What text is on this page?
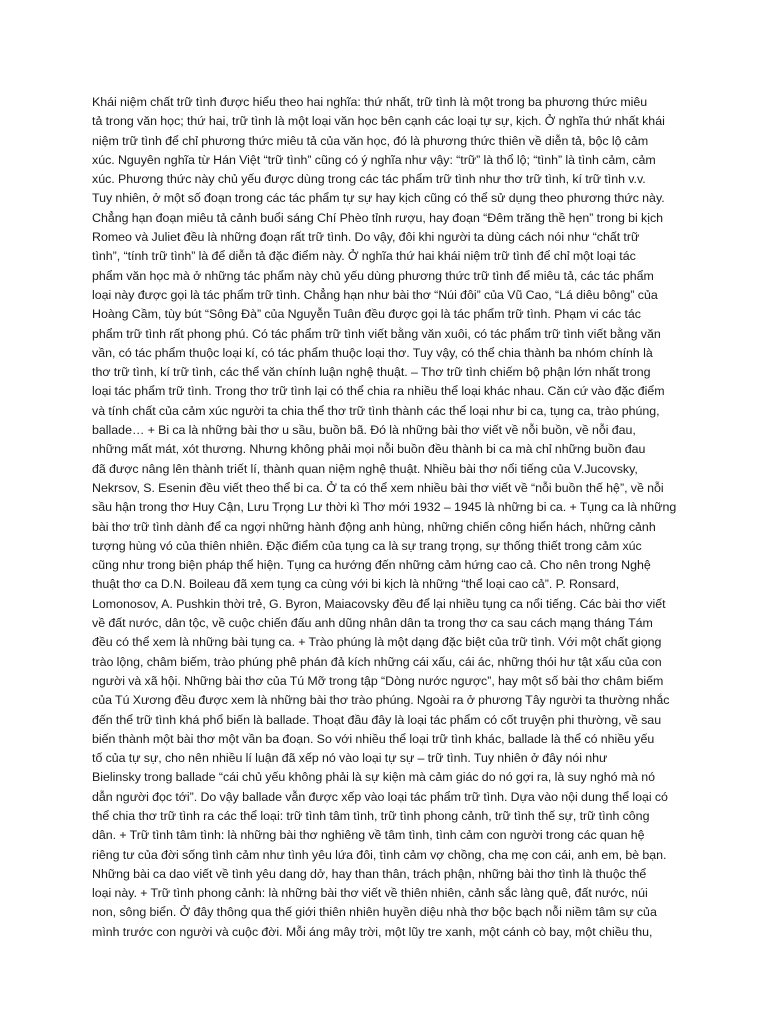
Khái niệm chất trữ tình được hiểu theo hai nghĩa: thứ nhất, trữ tình là một trong ba phương thức miêu
tả trong văn học; thứ hai, trữ tình là một loại văn học bên cạnh các loại tự sự, kịch. Ở nghĩa thứ nhất khái
niệm trữ tình để chỉ phương thức miêu tả của văn học, đó là phương thức thiên về diễn tả, bộc lộ cảm
xúc. Nguyên nghĩa từ Hán Việt “trữ tình” cũng có ý nghĩa như vậy: “trữ” là thổ lộ; “tình” là tình cảm, cảm
xúc. Phương thức này chủ yếu được dùng trong các tác phẩm trữ tình như thơ trữ tình, kí trữ tình v.v.
Tuy nhiên, ở một số đoạn trong các tác phẩm tự sự hay kịch cũng có thể sử dụng theo phương thức này.
Chẳng hạn đoạn miêu tả cảnh buổi sáng Chí Phèo tỉnh rượu, hay đoạn “Đêm trăng thề hẹn” trong bi kịch
Romeo và Juliet đều là những đoạn rất trữ tình. Do vậy, đôi khi người ta dùng cách nói như “chất trữ
tình”, “tính trữ tình” là để diễn tả đặc điểm này. Ở nghĩa thứ hai khái niệm trữ tình để chỉ một loại tác
phẩm văn học mà ở những tác phẩm này chủ yếu dùng phương thức trữ tình để miêu tả, các tác phẩm
loại này được gọi là tác phẩm trữ tình. Chẳng hạn như bài thơ “Núi đôi” của Vũ Cao, “Lá diêu bông” của
Hoàng Cầm, tùy bút “Sông Đà” của Nguyễn Tuân đều được gọi là tác phẩm trữ tình. Phạm vi các tác
phẩm trữ tình rất phong phú. Có tác phẩm trữ tình viết bằng văn xuôi, có tác phẩm trữ tình viết bằng văn
vần, có tác phẩm thuộc loại kí, có tác phẩm thuộc loại thơ. Tuy vậy, có thể chia thành ba nhóm chính là
thơ trữ tình, kí trữ tình, các thể văn chính luận nghệ thuật. – Thơ trữ tình chiếm bộ phận lớn nhất trong
loại tác phẩm trữ tình. Trong thơ trữ tình lại có thể chia ra nhiều thể loại khác nhau. Căn cứ vào đặc điểm
và tính chất của cảm xúc người ta chia thể thơ trữ tình thành các thể loại như bi ca, tụng ca, trào phúng,
ballade… + Bi ca là những bài thơ u sầu, buồn bã. Đó là những bài thơ viết về nỗi buồn, về nỗi đau,
những mất mát, xót thương. Nhưng không phải mọi nỗi buồn đều thành bi ca mà chỉ những buồn đau
đã được nâng lên thành triết lí, thành quan niệm nghệ thuật. Nhiều bài thơ nổi tiếng của V.Jucovsky,
Nekrsov, S. Esenin đều viết theo thể bi ca. Ở ta có thể xem nhiều bài thơ viết về “nỗi buồn thế hệ”, về nỗi
sầu hận trong thơ Huy Cận, Lưu Trọng Lư thời kì Thơ mới 1932 – 1945 là những bi ca. + Tụng ca là những
bài thơ trữ tình dành để ca ngợi những hành động anh hùng, những chiến công hiển hách, những cảnh
tượng hùng vó của thiên nhiên. Đặc điểm của tụng ca là sự trang trọng, sự thống thiết trong cảm xúc
cũng như trong biện pháp thể hiện. Tụng ca hướng đến những cảm hứng cao cả. Cho nên trong Nghệ
thuật thơ ca D.N. Boileau đã xem tụng ca cùng với bi kịch là những “thể loại cao cả”. P. Ronsard,
Lomonosov, A. Pushkin thời trẻ, G. Byron, Maiacovsky đều để lại nhiều tụng ca nổi tiếng. Các bài thơ viết
về đất nước, dân tộc, về cuộc chiến đấu anh dũng nhân dân ta trong thơ ca sau cách mạng tháng Tám
đều có thể xem là những bài tụng ca. + Trào phúng là một dạng đặc biệt của trữ tình. Với một chất giọng
trào lộng, châm biếm, trào phúng phê phán đả kích những cái xấu, cái ác, những thói hư tật xấu của con
người và xã hội. Những bài thơ của Tú Mỡ trong tập “Dòng nước ngược”, hay một số bài thơ châm biếm
của Tú Xương đều được xem là những bài thơ trào phúng. Ngoài ra ở phương Tây người ta thường nhắc
đến thể trữ tình khá phổ biến là ballade. Thoạt đầu đây là loại tác phẩm có cốt truyện phi thường, về sau
biến thành một bài thơ một vần ba đoạn. So với nhiều thể loại trữ tình khác, ballade là thể có nhiều yếu
tố của tự sự, cho nên nhiều lí luận đã xếp nó vào loại tự sự – trữ tình. Tuy nhiên ở đây nói như
Bielinsky trong ballade “cái chủ yếu không phải là sự kiện mà cảm giác do nó gợi ra, là suy nghó mà nó
dẫn người đọc tới”. Do vậy ballade vẫn được xếp vào loại tác phẩm trữ tình. Dựa vào nội dung thể loại có
thể chia thơ trữ tình ra các thể loại: trữ tình tâm tình, trữ tình phong cảnh, trữ tình thế sự, trữ tình công
dân. + Trữ tình tâm tình: là những bài thơ nghiêng về tâm tình, tình cảm con người trong các quan hệ
riêng tư của đời sống tình cảm như tình yêu lứa đôi, tình cảm vợ chồng, cha mẹ con cái, anh em, bè bạn.
Những bài ca dao viết về tình yêu dang dở, hay than thân, trách phận, những bài thơ tình là thuộc thể
loại này. + Trữ tình phong cảnh: là những bài thơ viết về thiên nhiên, cảnh sắc làng quê, đất nước, núi
non, sông biển. Ở đây thông qua thế giới thiên nhiên huyền diệu nhà thơ bộc bạch nỗi niềm tâm sự của
mình trước con người và cuộc đời. Mỗi áng mây trời, một lũy tre xanh, một cánh cò bay, một chiều thu,
